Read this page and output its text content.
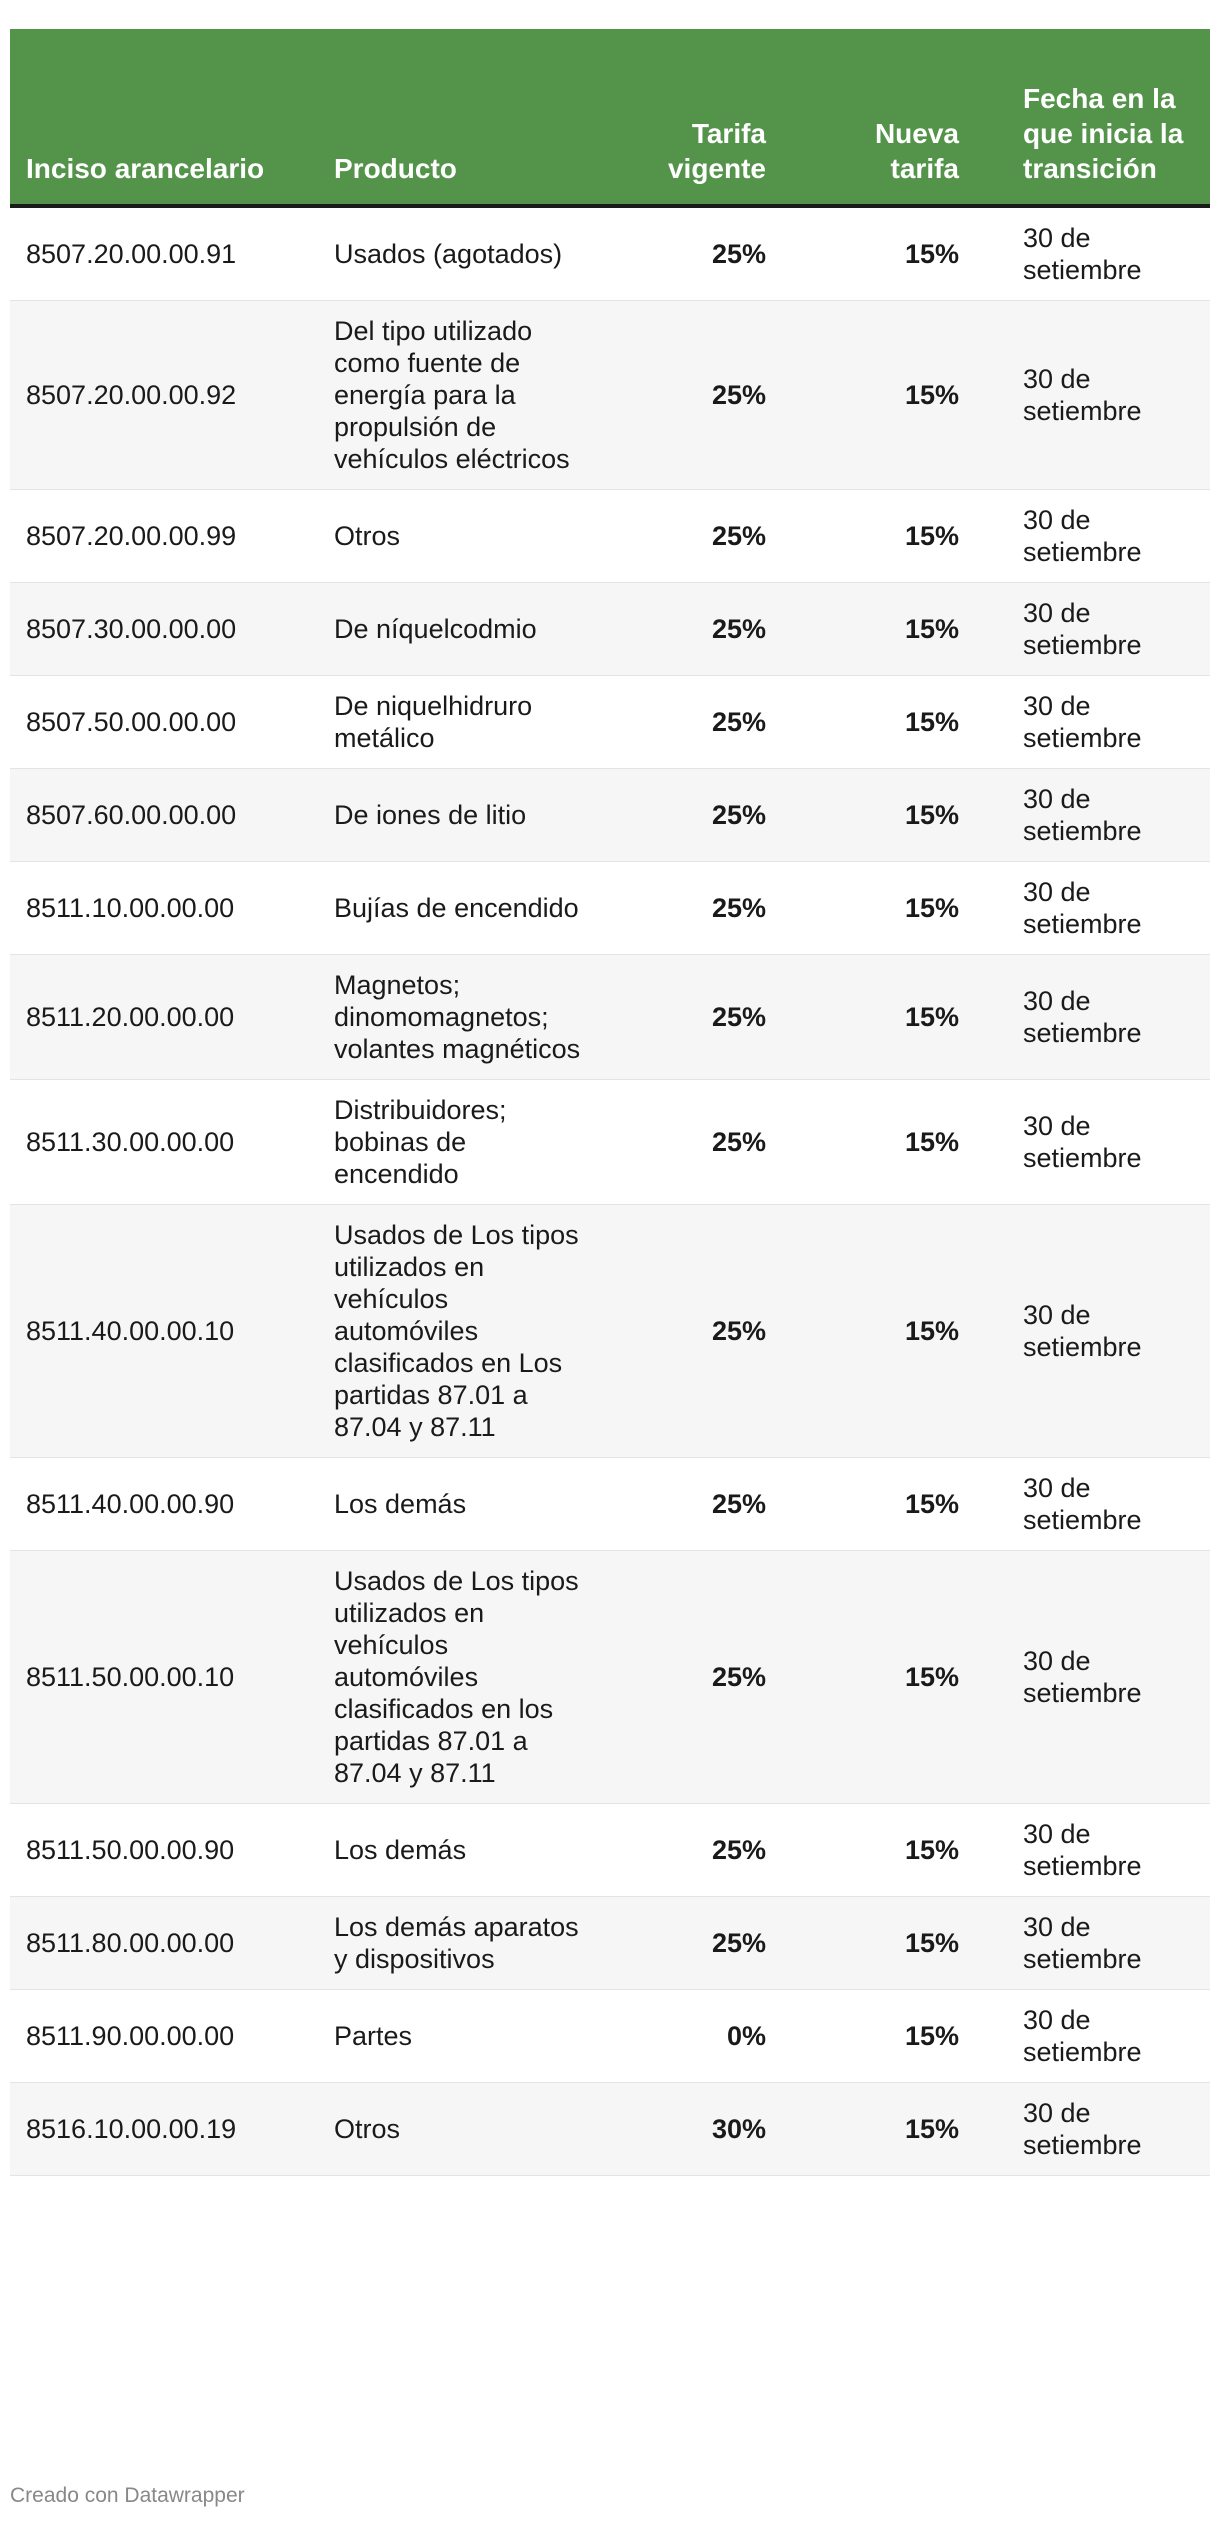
Inciso arancelario	Producto	Tarifa vigente	Nueva tarifa	Fecha en la que inicia la transición
8507.20.00.00.91	Usados (agotados)	25%	15%	30 de setiembre
8507.20.00.00.92	Del tipo utilizado como fuente de energía para la propulsión de vehículos eléctricos	25%	15%	30 de setiembre
8507.20.00.00.99	Otros	25%	15%	30 de setiembre
8507.30.00.00.00	De níquelcodmio	25%	15%	30 de setiembre
8507.50.00.00.00	De niquelhidruro metálico	25%	15%	30 de setiembre
8507.60.00.00.00	De iones de litio	25%	15%	30 de setiembre
8511.10.00.00.00	Bujías de encendido	25%	15%	30 de setiembre
8511.20.00.00.00	Magnetos; dinomomagnetos; volantes magnéticos	25%	15%	30 de setiembre
8511.30.00.00.00	Distribuidores; bobinas de encendido	25%	15%	30 de setiembre
8511.40.00.00.10	Usados de Los tipos utilizados en vehículos automóviles clasificados en Los partidas 87.01 a 87.04 y 87.11	25%	15%	30 de setiembre
8511.40.00.00.90	Los demás	25%	15%	30 de setiembre
8511.50.00.00.10	Usados de Los tipos utilizados en vehículos automóviles clasificados en los partidas 87.01 a 87.04 y 87.11	25%	15%	30 de setiembre
8511.50.00.00.90	Los demás	25%	15%	30 de setiembre
8511.80.00.00.00	Los demás aparatos y dispositivos	25%	15%	30 de setiembre
8511.90.00.00.00	Partes	0%	15%	30 de setiembre
8516.10.00.00.19	Otros	30%	15%	30 de setiembre
Creado con Datawrapper
